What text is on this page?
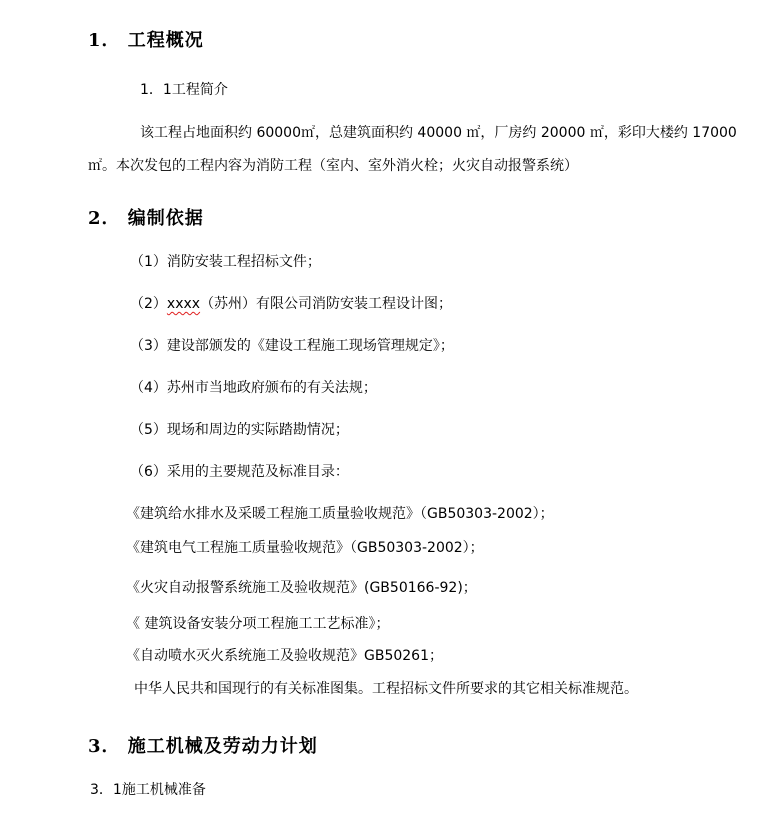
1． 工程概况
1．1工程简介
该工程占地面积约 60000㎡，总建筑面积约 40000 ㎡，厂房约 20000 ㎡，彩印大楼约 17000
㎡。本次发包的工程内容为消防工程（室内、室外消火栓；火灾自动报警系统）
2． 编制依据
（1）消防安装工程招标文件；
（2）xxxx（苏州）有限公司消防安装工程设计图；
（3）建设部颁发的《建设工程施工现场管理规定》；
（4）苏州市当地政府颁布的有关法规；
（5）现场和周边的实际踏勘情况；
（6）采用的主要规范及标准目录：
《建筑给水排水及采暖工程施工质量验收规范》（GB50303-2002）；
《建筑电气工程施工质量验收规范》（GB50303-2002）；
《火灾自动报警系统施工及验收规范》(GB50166-92)；
《 建筑设备安装分项工程施工工艺标准》；
《自动喷水灭火系统施工及验收规范》GB50261；
中华人民共和国现行的有关标准图集。工程招标文件所要求的其它相关标准规范。
3． 施工机械及劳动力计划
3．1施工机械准备
